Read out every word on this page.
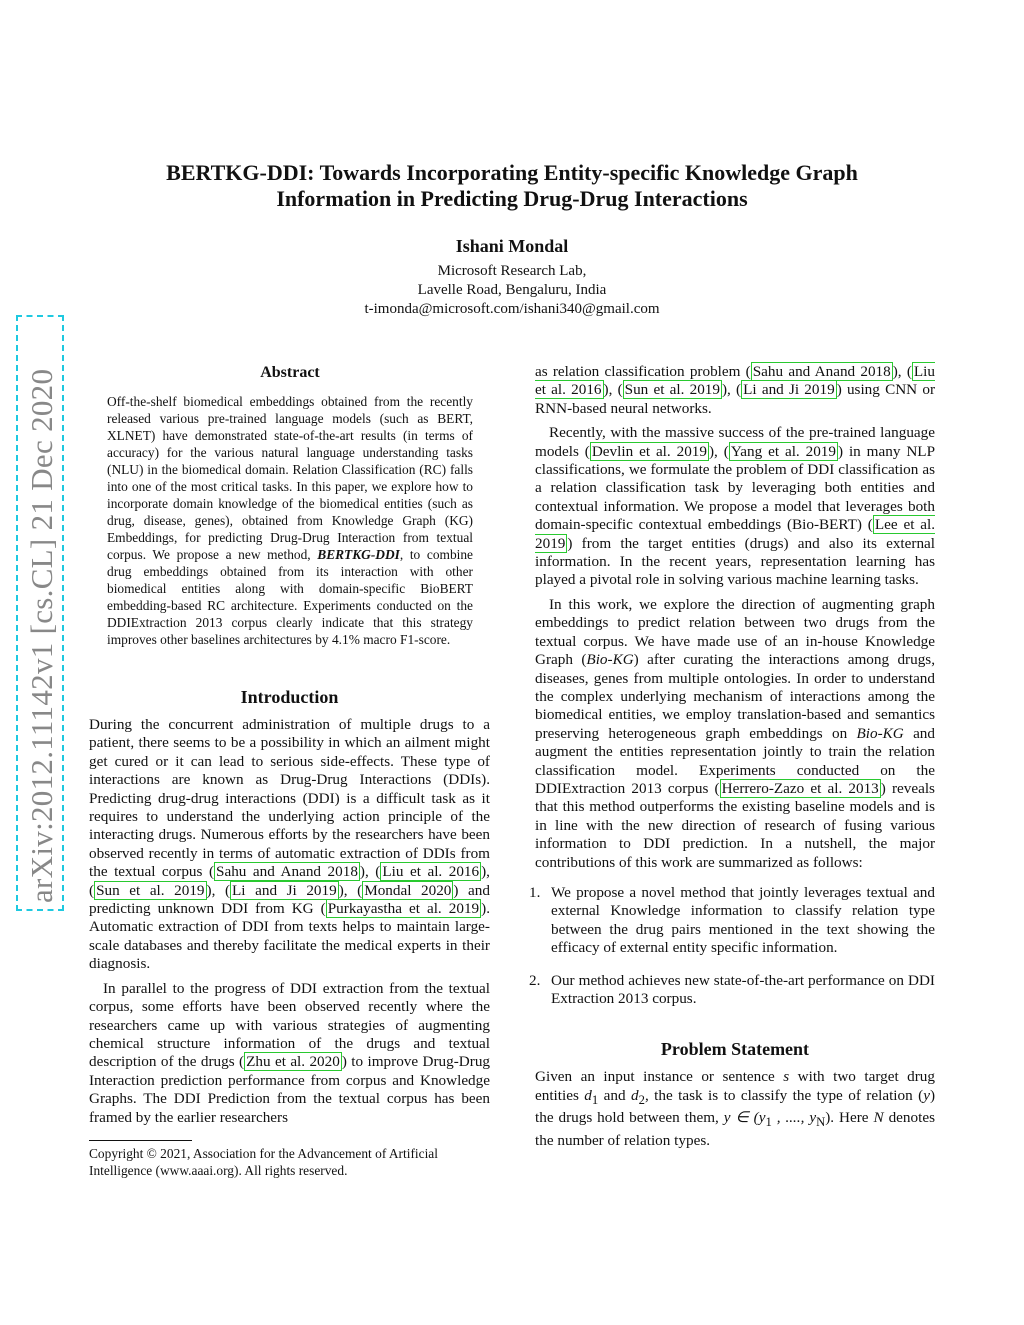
arXiv:2012.11142v1 [cs.CL] 21 Dec 2020
BERTKG-DDI: Towards Incorporating Entity-specific Knowledge Graph
Information in Predicting Drug-Drug Interactions
Ishani Mondal
Microsoft Research Lab,
Lavelle Road, Bengaluru, India
t-imonda@microsoft.com/ishani340@gmail.com
Abstract
Off-the-shelf biomedical embeddings obtained from the recently released various pre-trained language models (such as BERT, XLNET) have demonstrated state-of-the-art results (in terms of accuracy) for the various natural language understanding tasks (NLU) in the biomedical domain. Relation Classification (RC) falls into one of the most critical tasks. In this paper, we explore how to incorporate domain knowledge of the biomedical entities (such as drug, disease, genes), obtained from Knowledge Graph (KG) Embeddings, for predicting Drug-Drug Interaction from textual corpus. We propose a new method, BERTKG-DDI, to combine drug embeddings obtained from its interaction with other biomedical entities along with domain-specific BioBERT embedding-based RC architecture. Experiments conducted on the DDIExtraction 2013 corpus clearly indicate that this strategy improves other baselines architectures by 4.1% macro F1-score.
Introduction

During the concurrent administration of multiple drugs to a patient, there seems to be a possibility in which an ailment might get cured or it can lead to serious side-effects. These type of interactions are known as Drug-Drug Interactions (DDIs). Predicting drug-drug interactions (DDI) is a difficult task as it requires to understand the underlying action principle of the interacting drugs. Numerous efforts by the researchers have been observed recently in terms of automatic extraction of DDIs from the textual corpus ( Sahu and Anand 2018 ), ( Liu et al. 2016 ), ( Sun et al. 2019 ), ( Li and Ji 2019 ), ( Mondal 2020 ) and predicting unknown DDI from KG ( Purkayastha et al. 2019 ). Automatic extraction of DDI from texts helps to maintain large-scale databases and thereby facilitate the medical experts in their diagnosis.

In parallel to the progress of DDI extraction from the textual corpus, some efforts have been observed recently where the researchers came up with various strategies of augmenting chemical structure information of the drugs and textual description of the drugs ( Zhu et al. 2020 ) to improve Drug-Drug Interaction prediction performance from corpus and Knowledge Graphs. The DDI Prediction from the textual corpus has been framed by the earlier researchers

Copyright © 2021, Association for the Advancement of Artificial Intelligence (www.aaai.org). All rights reserved.

as relation classification problem ( Sahu and Anand 2018 ), ( Liu et al. 2016 ), ( Sun et al. 2019 ), ( Li and Ji 2019 ) using CNN or RNN-based neural networks.

Recently, with the massive success of the pre-trained language models ( Devlin et al. 2019 ), ( Yang et al. 2019 ) in many NLP classifications, we formulate the problem of DDI classification as a relation classification task by leveraging both entities and contextual information. We propose a model that leverages both domain-specific contextual embeddings (Bio-BERT) ( Lee et al. 2019 ) from the target entities (drugs) and also its external information. In the recent years, representation learning has played a pivotal role in solving various machine learning tasks.

In this work, we explore the direction of augmenting graph embeddings to predict relation between two drugs from the textual corpus. We have made use of an in-house Knowledge Graph (Bio-KG) after curating the interactions among drugs, diseases, genes from multiple ontologies. In order to understand the complex underlying mechanism of interactions among the biomedical entities, we employ translation-based and semantics preserving heterogeneous graph embeddings on Bio-KG and augment the entities representation jointly to train the relation classification model. Experiments conducted on the DDIExtraction 2013 corpus ( Herrero-Zazo et al. 2013 ) reveals that this method outperforms the existing baseline models and is in line with the new direction of research of fusing various information to DDI prediction. In a nutshell, the major contributions of this work are summarized as follows:

1. We propose a novel method that jointly leverages textual and external Knowledge information to classify relation type between the drug pairs mentioned in the text showing the efficacy of external entity specific information.
2. Our method achieves new state-of-the-art performance on DDI Extraction 2013 corpus.
Problem Statement

Given an input instance or sentence s with two target drug entities $d_1$ and $d_2$, the task is to classify the type of relation (y) the drugs hold between them, y ∈ ($y_1$ , ...., $y_N$). Here N denotes the number of relation types.
